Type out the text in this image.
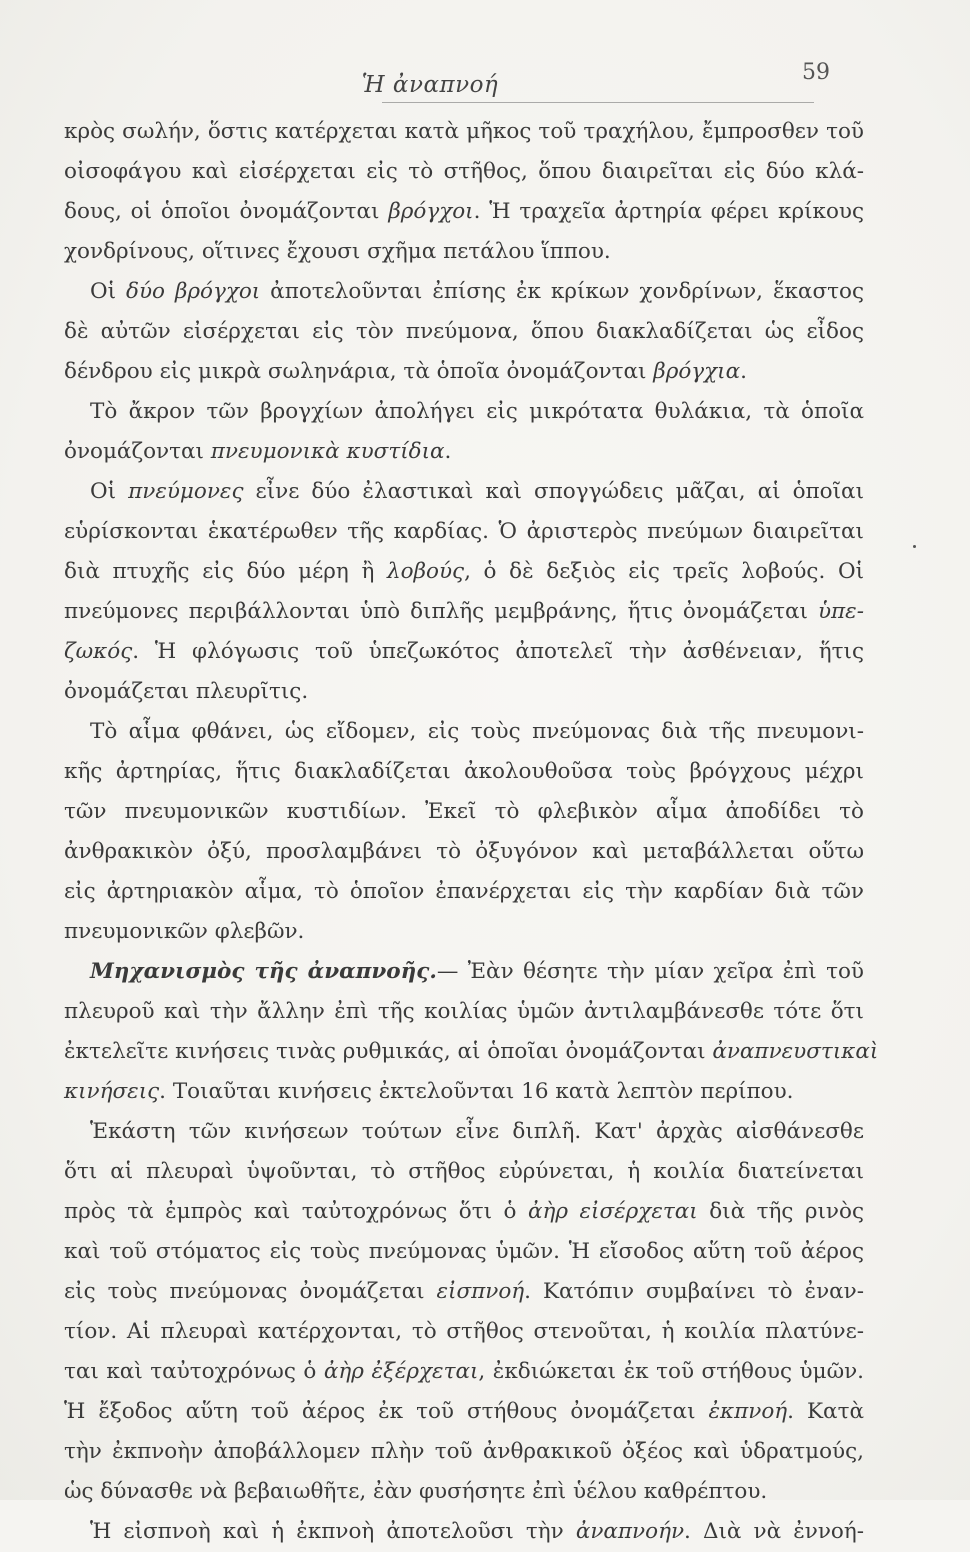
Ἡ ἀναπνοή	59
κρὸς σωλήν, ὅστις κατέρχεται κατὰ μῆκος τοῦ τραχήλου, ἔμπροσθεν τοῦ
οἰσοφάγου καὶ εἰσέρχεται εἰς τὸ στῆθος, ὅπου διαιρεῖται εἰς δύο κλά-
δους, οἱ ὁποῖοι ὀνομάζονται βρόγχοι. Ἡ τραχεῖα ἀρτηρία φέρει κρίκους
χονδρίνους, οἵτινες ἔχουσι σχῆμα πετάλου ἵππου.
Οἱ δύο βρόγχοι ἀποτελοῦνται ἐπίσης ἐκ κρίκων χονδρίνων, ἕκαστος
δὲ αὐτῶν εἰσέρχεται εἰς τὸν πνεύμονα, ὅπου διακλαδίζεται ὡς εἶδος
δένδρου εἰς μικρὰ σωληνάρια, τὰ ὁποῖα ὀνομάζονται βρόγχια.
Τὸ ἄκρον τῶν βρογχίων ἀπολήγει εἰς μικρότατα θυλάκια, τὰ ὁποῖα
ὀνομάζονται πνευμονικὰ κυστίδια.
Οἱ πνεύμονες εἶνε δύο ἐλαστικαὶ καὶ σπογγώδεις μᾶζαι, αἱ ὁποῖαι
εὑρίσκονται ἑκατέρωθεν τῆς καρδίας. Ὁ ἀριστερὸς πνεύμων διαιρεῖται
διὰ πτυχῆς εἰς δύο μέρη ἢ λοβούς, ὁ δὲ δεξιὸς εἰς τρεῖς λοβούς. Οἱ
πνεύμονες περιβάλλονται ὑπὸ διπλῆς μεμβράνης, ἥτις ὀνομάζεται ὑπε-
ζωκός. Ἡ φλόγωσις τοῦ ὑπεζωκότος ἀποτελεῖ τὴν ἀσθένειαν, ἥτις
ὀνομάζεται πλευρῖτις.
Τὸ αἷμα φθάνει, ὡς εἴδομεν, εἰς τοὺς πνεύμονας διὰ τῆς πνευμονι-
κῆς ἀρτηρίας, ἥτις διακλαδίζεται ἀκολουθοῦσα τοὺς βρόγχους μέχρι
τῶν πνευμονικῶν κυστιδίων. Ἐκεῖ τὸ φλεβικὸν αἷμα ἀποδίδει τὸ
ἀνθρακικὸν ὀξύ, προσλαμβάνει τὸ ὀξυγόνον καὶ μεταβάλλεται οὕτω
εἰς ἀρτηριακὸν αἷμα, τὸ ὁποῖον ἐπανέρχεται εἰς τὴν καρδίαν διὰ τῶν
πνευμονικῶν φλεβῶν.
Μηχανισμὸς τῆς ἀναπνοῆς.— Ἐὰν θέσητε τὴν μίαν χεῖρα ἐπὶ τοῦ
πλευροῦ καὶ τὴν ἄλλην ἐπὶ τῆς κοιλίας ὑμῶν ἀντιλαμβάνεσθε τότε ὅτι
ἐκτελεῖτε κινήσεις τινὰς ρυθμικάς, αἱ ὁποῖαι ὀνομάζονται ἀναπνευστικαὶ
κινήσεις. Τοιαῦται κινήσεις ἐκτελοῦνται 16 κατὰ λεπτὸν περίπου.
Ἑκάστη τῶν κινήσεων τούτων εἶνε διπλῆ. Κατ' ἀρχὰς αἰσθάνεσθε
ὅτι αἱ πλευραὶ ὑψοῦνται, τὸ στῆθος εὐρύνεται, ἡ κοιλία διατείνεται
πρὸς τὰ ἐμπρὸς καὶ ταὐτοχρόνως ὅτι ὁ ἀὴρ εἰσέρχεται διὰ τῆς ρινὸς
καὶ τοῦ στόματος εἰς τοὺς πνεύμονας ὑμῶν. Ἡ εἴσοδος αὕτη τοῦ ἀέρος
εἰς τοὺς πνεύμονας ὀνομάζεται εἰσπνοή. Κατόπιν συμβαίνει τὸ ἐναν-
τίον. Αἱ πλευραὶ κατέρχονται, τὸ στῆθος στενοῦται, ἡ κοιλία πλατύνε-
ται καὶ ταὐτοχρόνως ὁ ἀὴρ ἐξέρχεται, ἐκδιώκεται ἐκ τοῦ στήθους ὑμῶν.
Ἡ ἔξοδος αὕτη τοῦ ἀέρος ἐκ τοῦ στήθους ὀνομάζεται ἐκπνοή. Κατὰ
τὴν ἐκπνοὴν ἀποβάλλομεν πλὴν τοῦ ἀνθρακικοῦ ὀξέος καὶ ὑδρατμούς,
ὡς δύνασθε νὰ βεβαιωθῆτε, ἐὰν φυσήσητε ἐπὶ ὑέλου καθρέπτου.
Ἡ εἰσπνοὴ καὶ ἡ ἐκπνοὴ ἀποτελοῦσι τὴν ἀναπνοήν. Διὰ νὰ ἐννοή-
